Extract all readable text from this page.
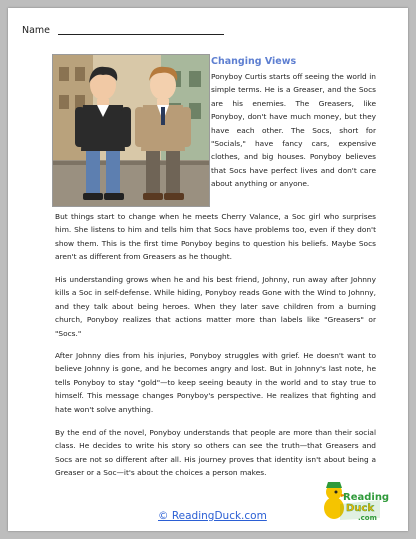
Name
Changing Views

Ponyboy Curtis starts off seeing the world in simple terms. He is a Greaser, and the Socs are his enemies. The Greasers, like Ponyboy, don't have much money, but they have each other. The Socs, short for "Socials," have fancy cars, expensive clothes, and big houses. Ponyboy believes that Socs have perfect lives and don't care about anything or anyone.

But things start to change when he meets Cherry Valance, a Soc girl who surprises him. She listens to him and tells him that Socs have problems too, even if they don't show them. This is the first time Ponyboy begins to question his beliefs. Maybe Socs aren't as different from Greasers as he thought.

His understanding grows when he and his best friend, Johnny, run away after Johnny kills a Soc in self-defense. While hiding, Ponyboy reads Gone with the Wind to Johnny, and they talk about being heroes. When they later save children from a burning church, Ponyboy realizes that actions matter more than labels like "Greasers" or "Socs."

After Johnny dies from his injuries, Ponyboy struggles with grief. He doesn't want to believe Johnny is gone, and he becomes angry and lost. But in Johnny's last note, he tells Ponyboy to stay "gold"—to keep seeing beauty in the world and to stay true to himself. This message changes Ponyboy's perspective. He realizes that fighting and hate won't solve anything.

By the end of the novel, Ponyboy understands that people are more than their social class. He decides to write his story so others can see the truth—that Greasers and Socs are not so different after all. His journey proves that identity isn't about being a Greaser or a Soc—it's about the choices a person makes.

© ReadingDuck.com
Reading
Duck
.com
